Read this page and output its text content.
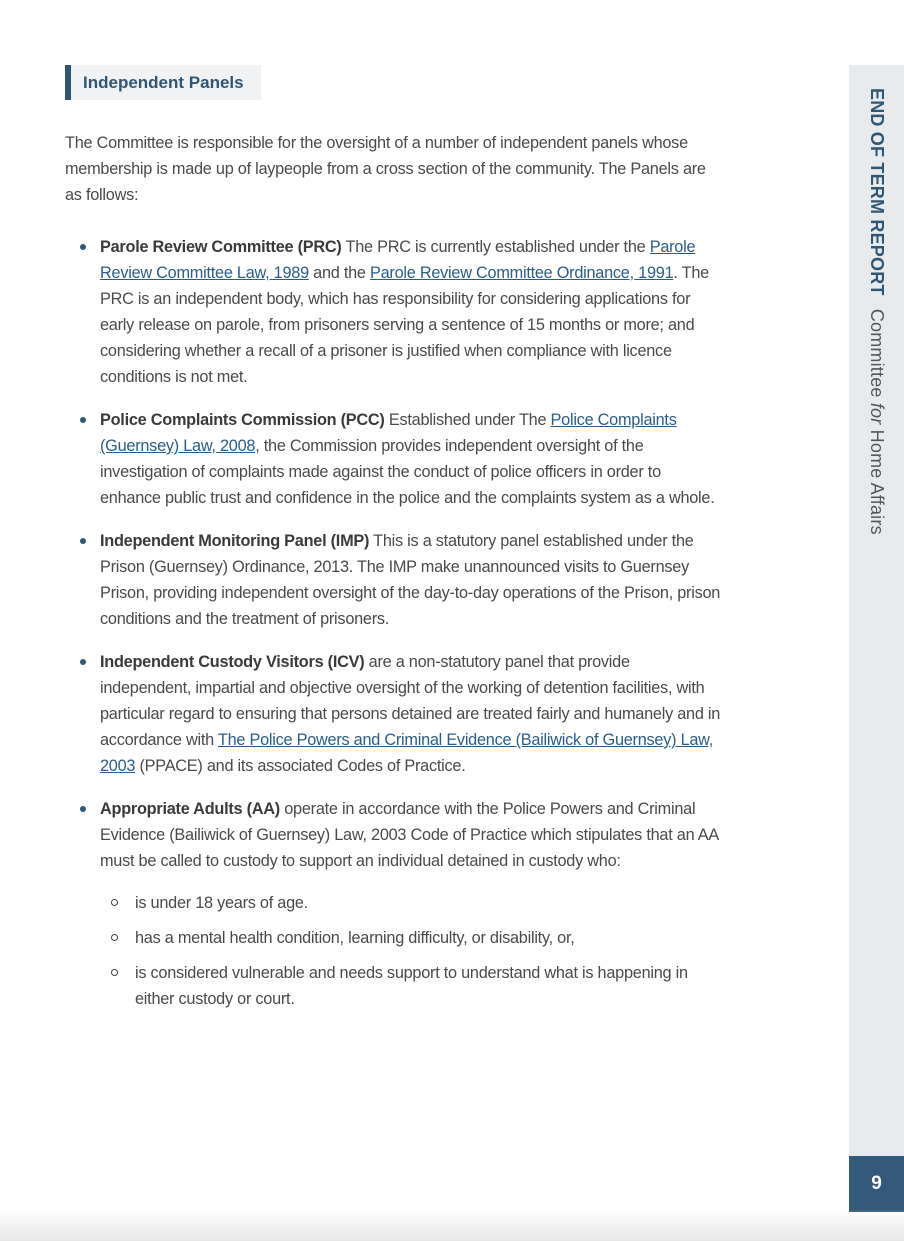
Independent Panels

The Committee is responsible for the oversight of a number of independent panels whose membership is made up of laypeople from a cross section of the community. The Panels are as follows:

Parole Review Committee (PRC) The PRC is currently established under the Parole Review Committee Law, 1989 and the Parole Review Committee Ordinance, 1991. The PRC is an independent body, which has responsibility for considering applications for early release on parole, from prisoners serving a sentence of 15 months or more; and considering whether a recall of a prisoner is justified when compliance with licence conditions is not met.
Police Complaints Commission (PCC) Established under The Police Complaints (Guernsey) Law, 2008, the Commission provides independent oversight of the investigation of complaints made against the conduct of police officers in order to enhance public trust and confidence in the police and the complaints system as a whole.
Independent Monitoring Panel (IMP) This is a statutory panel established under the Prison (Guernsey) Ordinance, 2013. The IMP make unannounced visits to Guernsey Prison, providing independent oversight of the day-to-day operations of the Prison, prison conditions and the treatment of prisoners.
Independent Custody Visitors (ICV) are a non-statutory panel that provide independent, impartial and objective oversight of the working of detention facilities, with particular regard to ensuring that persons detained are treated fairly and humanely and in accordance with The Police Powers and Criminal Evidence (Bailiwick of Guernsey) Law, 2003 (PPACE) and its associated Codes of Practice.
Appropriate Adults (AA) operate in accordance with the Police Powers and Criminal Evidence (Bailiwick of Guernsey) Law, 2003 Code of Practice which stipulates that an AA must be called to custody to support an individual detained in custody who:
is under 18 years of age.
has a mental health condition, learning difficulty, or disability, or,
is considered vulnerable and needs support to understand what is happening in either custody or court.
END OF TERM REPORT Committee for Home Affairs
9
